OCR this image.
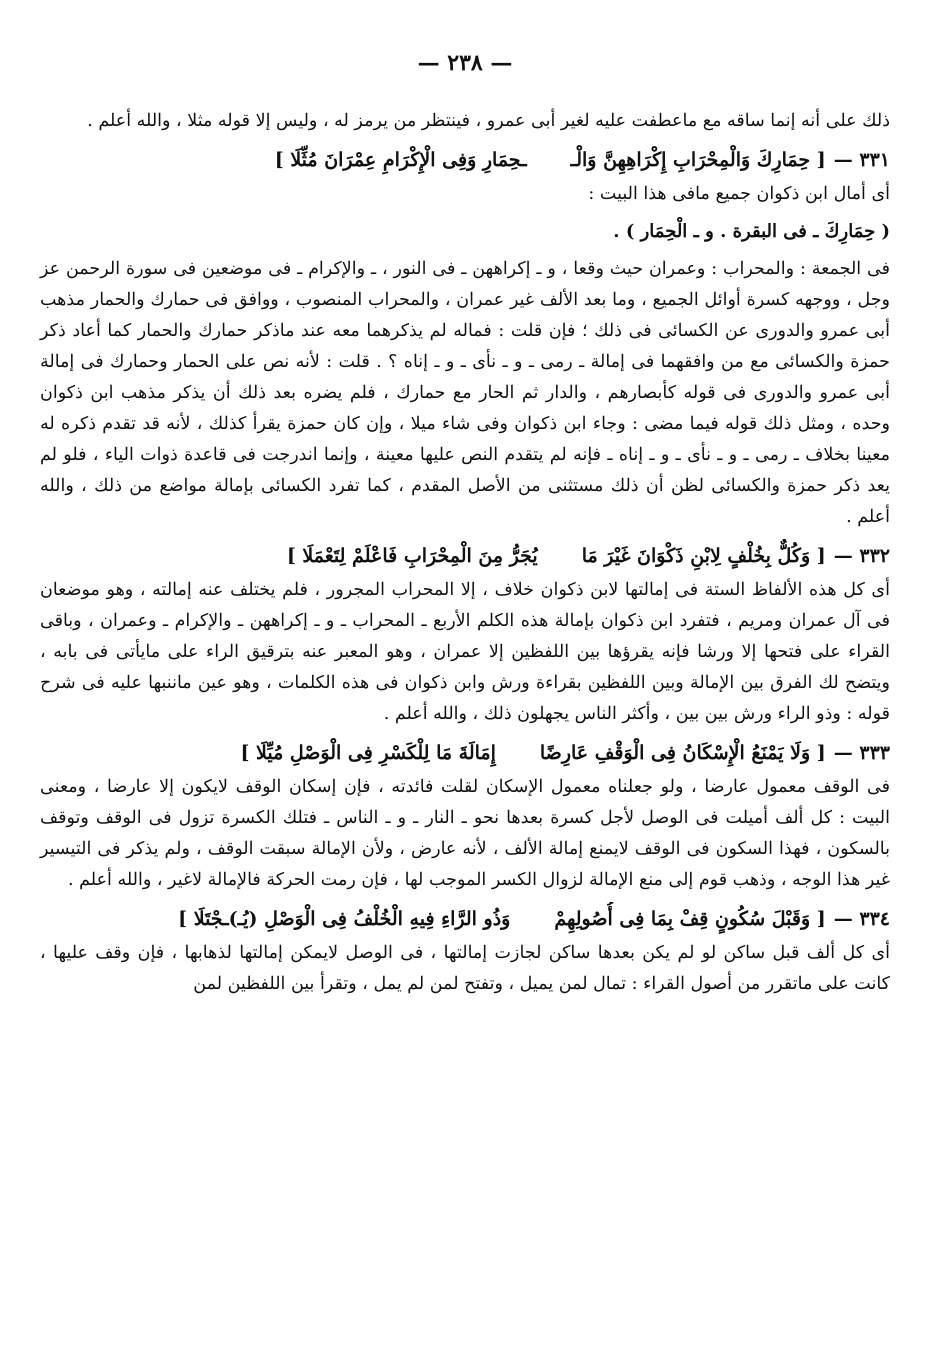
— ٢٣٨ —

ذلك على أنه إنما ساقه مع ماعطفت عليه لغير أبى عمرو ، فينتظر من يرمز له ، وليس إلا قوله مثلا ، والله أعلم .

٣٣١ —[ حِمَارِكَ وَالْمِحْرَابِ إِكْرَاهِهِنَّ وَالْــحِمَارِ وَفِى الْإِكْرَامِ عِمْرَانَ مُثِّلَا ]

أى أمال ابن ذكوان جميع مافى هذا البيت :

( حِمَارِكَ ـ فى البقرة . و ـ الْحِمَار ) .

فى الجمعة : والمحراب : وعمران حيث وقعا ، و ـ إكراههن ـ فى النور ، ـ والإكرام ـ فى موضعين فى سورة الرحمن عز وجل ، ووجهه كسرة أوائل الجميع ، وما بعد الألف غير عمران ، والمحراب المنصوب ، ووافق فى حمارك والحمار مذهب أبى عمرو والدورى عن الكسائى فى ذلك ؛ فإن قلت : فماله لم يذكرهما معه عند ماذكر حمارك والحمار كما أعاد ذكر حمزة والكسائى مع من وافقهما فى إمالة ـ رمى ـ و ـ نأى ـ و ـ إناه ؟ . قلت : لأنه نص على الحمار وحمارك فى إمالة أبى عمرو والدورى فى قوله كأبصارهم ، والدار ثم الحار مع حمارك ، فلم يضره بعد ذلك أن يذكر مذهب ابن ذكوان وحده ، ومثل ذلك قوله فيما مضى : وجاء ابن ذكوان وفى شاء ميلا ، وإن كان حمزة يقرأ كذلك ، لأنه قد تقدم ذكره له معينا بخلاف ـ رمى ـ و ـ نأى ـ و ـ إناه ـ فإنه لم يتقدم النص عليها معينة ، وإنما اندرجت فى قاعدة ذوات الياء ، فلو لم يعد ذكر حمزة والكسائى لظن أن ذلك مستثنى من الأصل المقدم ، كما تفرد الكسائى بإمالة مواضع من ذلك ، والله أعلم .

٣٣٢ —[ وَكُلٌّ بِخُلْفٍ لِابْنِ ذَكْوَانَ غَيْرَ مَايُجَرُّ مِنَ الْمِحْرَابِ فَاعْلَمْ لِتَعْمَلَا ]

أى كل هذه الألفاظ الستة فى إمالتها لابن ذكوان خلاف ، إلا المحراب المجرور ، فلم يختلف عنه إمالته ، وهو موضعان فى آل عمران ومريم ، فتفرد ابن ذكوان بإمالة هذه الكلم الأربع ـ المحراب ـ و ـ إكراههن ـ والإكرام ـ وعمران ، وباقى القراء على فتحها إلا ورشا فإنه يقرؤها بين اللفظين إلا عمران ، وهو المعبر عنه بترقيق الراء على مايأتى فى بابه ، ويتضح لك الفرق بين الإمالة وبين اللفظين بقراءة ورش وابن ذكوان فى هذه الكلمات ، وهو عين ماننبها عليه فى شرح قوله : وذو الراء ورش بين بين ، وأكثر الناس يجهلون ذلك ، والله أعلم .

٣٣٣ —[ وَلَا يَمْنَعُ الْإِسْكَانُ فِى الْوَقْفِ عَارِضًاإِمَالَةَ مَا لِلْكَسْرِ فِى الْوَصْلِ مُيِّلَا ]

فى الوقف معمول عارضا ، ولو جعلناه معمول الإسكان لقلت فائدته ، فإن إسكان الوقف لايكون إلا عارضا ، ومعنى البيت : كل ألف أميلت فى الوصل لأجل كسرة بعدها نحو ـ النار ـ و ـ الناس ـ فتلك الكسرة تزول فى الوقف وتوقف بالسكون ، فهذا السكون فى الوقف لايمنع إمالة الألف ، لأنه عارض ، ولأن الإمالة سبقت الوقف ، ولم يذكر فى التيسير غير هذا الوجه ، وذهب قوم إلى منع الإمالة لزوال الكسر الموجب لها ، فإن رمت الحركة فالإمالة لاغير ، والله أعلم .

٣٣٤ —[ وَقَبْلَ سُكُونٍ قِفْ بِمَا فِى أُصُولِهِمْوَذُو الرَّاءِ فِيهِ الْخُلْفُ فِى الْوَصْلِ (يُـ)ـجْتَلَا ]

أى كل ألف قبل ساكن لو لم يكن بعدها ساكن لجازت إمالتها ، فى الوصل لايمكن إمالتها لذهابها ، فإن وقف عليها ، كانت على ماتقرر من أصول القراء : تمال لمن يميل ، وتفتح لمن لم يمل ، وتقرأ بين اللفظين لمن
